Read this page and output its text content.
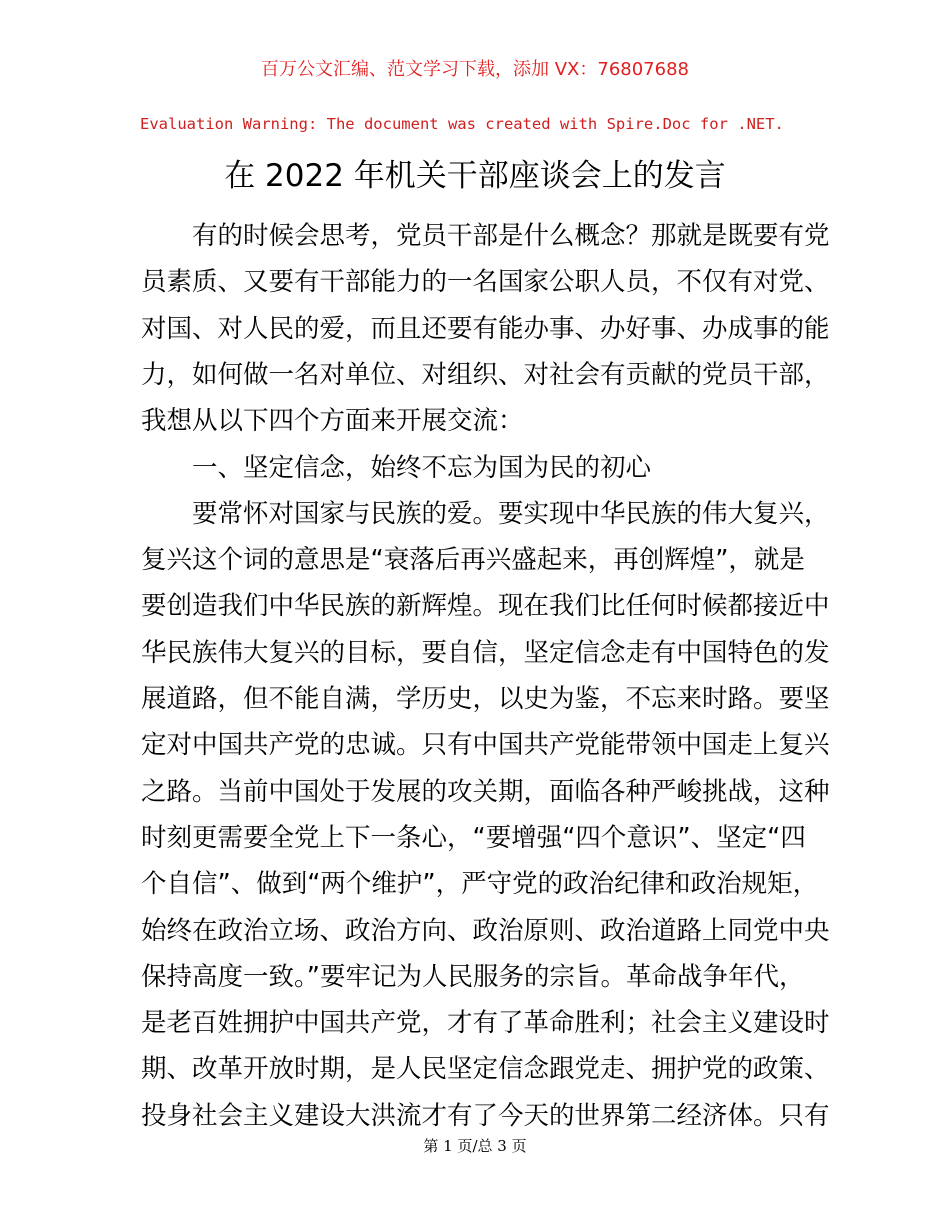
百万公文汇编、范文学习下载，添加 VX：76807688
Evaluation Warning: The document was created with Spire.Doc for .NET.
在 2022 年机关干部座谈会上的发言
　　有的时候会思考，党员干部是什么概念？那就是既要有党
员素质、又要有干部能力的一名国家公职人员，不仅有对党、
对国、对人民的爱，而且还要有能办事、办好事、办成事的能
力，如何做一名对单位、对组织、对社会有贡献的党员干部，
我想从以下四个方面来开展交流：
　　一、坚定信念，始终不忘为国为民的初心
　　要常怀对国家与民族的爱。要实现中华民族的伟大复兴，
复兴这个词的意思是“衰落后再兴盛起来，再创辉煌”，就是
要创造我们中华民族的新辉煌。现在我们比任何时候都接近中
华民族伟大复兴的目标，要自信，坚定信念走有中国特色的发
展道路，但不能自满，学历史，以史为鉴，不忘来时路。要坚
定对中国共产党的忠诚。只有中国共产党能带领中国走上复兴
之路。当前中国处于发展的攻关期，面临各种严峻挑战，这种
时刻更需要全党上下一条心，“要增强“四个意识”、坚定“四
个自信”、做到“两个维护”，严守党的政治纪律和政治规矩，
始终在政治立场、政治方向、政治原则、政治道路上同党中央
保持高度一致。”要牢记为人民服务的宗旨。革命战争年代，
是老百姓拥护中国共产党，才有了革命胜利；社会主义建设时
期、改革开放时期，是人民坚定信念跟党走、拥护党的政策、
投身社会主义建设大洪流才有了今天的世界第二经济体。只有
第 1 页/总 3 页
